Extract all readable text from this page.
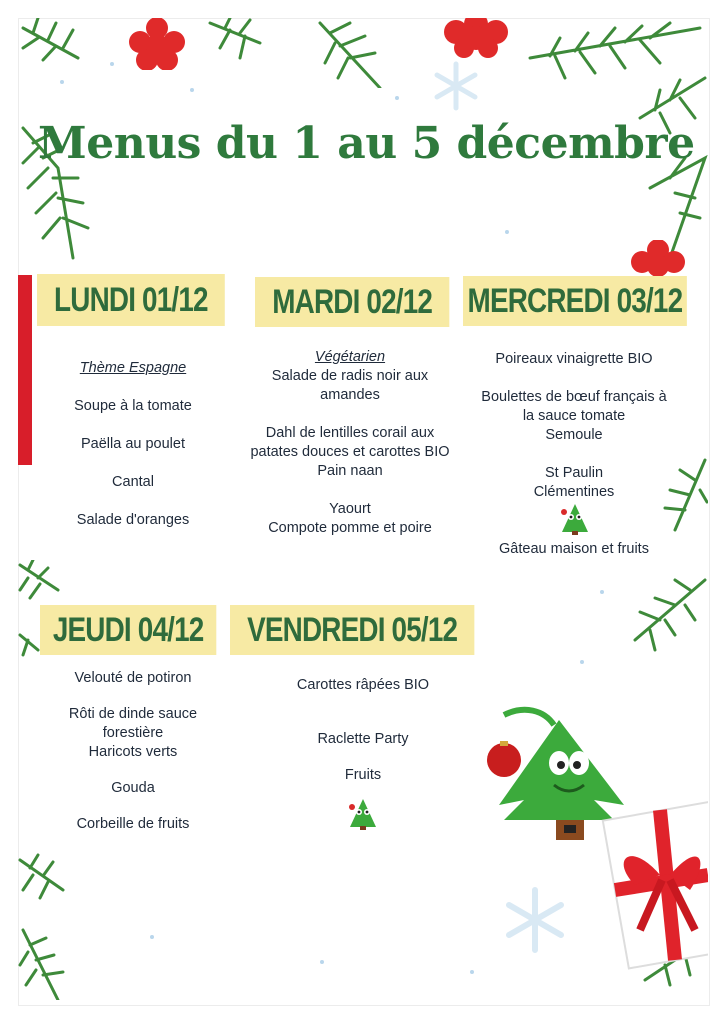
Menus du 1 au 5 décembre
LUNDI 01/12	MARDI 02/12	MERCREDI 03/12
JEUDI 04/12	VENDREDI 05/12

Thème Espagne

Soupe à la tomate

Paëlla au poulet

Cantal

Salade d'oranges

Végétarien

Salade de radis noir aux amandes

Dahl de lentilles corail aux patates douces et carottes BIO

Pain naan

Yaourt

Compote pomme et poire

Poireaux vinaigrette BIO

Boulettes de bœuf français à la sauce tomate

Semoule

St Paulin

Clémentines

Gâteau maison et fruits

Velouté de potiron

Rôti de dinde sauce forestière

Haricots verts

Gouda

Corbeille de fruits

Carottes râpées BIO

Raclette Party

Fruits
